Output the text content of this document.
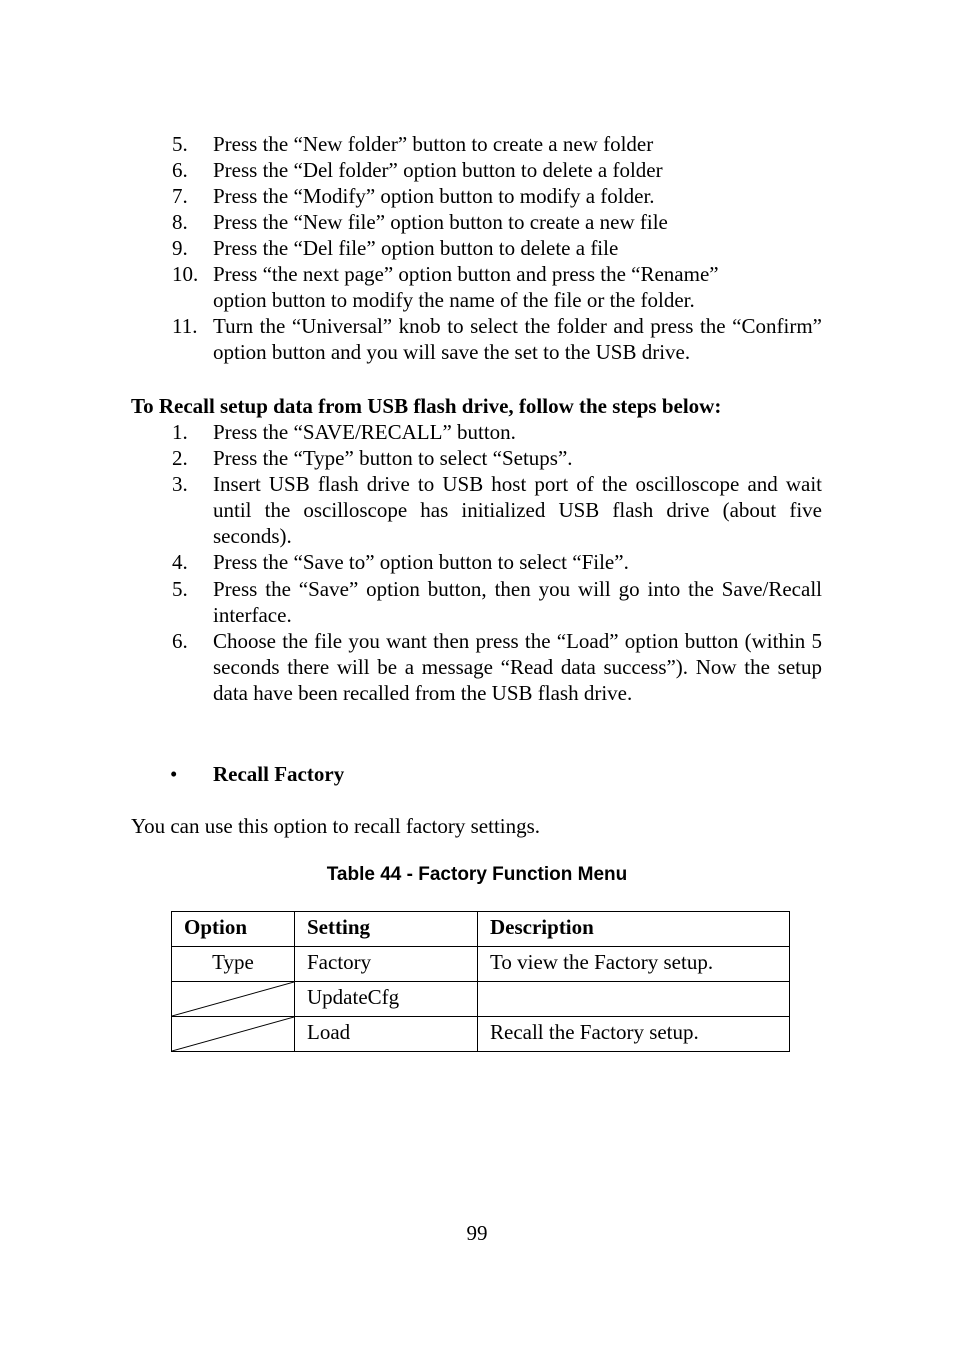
5.	Press the “New folder” button to create a new folder
6.	Press the “Del folder” option button to delete a folder
7.	Press the “Modify” option button to modify a folder.
8.	Press the “New file” option button to create a new file
9.	Press the “Del file” option button to delete a file
10. Press “the next page” option button and press the “Rename”
option button to modify the name of the file or the folder.
11. Turn the “Universal” knob to select the folder and press the “Confirm” option button and you will save the set to the USB drive.
To Recall setup data from USB flash drive, follow the steps below:
1.	Press the “SAVE/RECALL” button.
2.	Press the “Type” button to select “Setups”.
3.	Insert USB flash drive to USB host port of the oscilloscope and wait until the oscilloscope has initialized USB flash drive (about five seconds).
4.	Press the “Save to” option button to select “File”.
5.	Press the “Save” option button, then you will go into the Save/Recall interface.
6.	Choose the file you want then press the “Load” option button (within 5 seconds there will be a message “Read data success”). Now the setup data have been recalled from the USB flash drive.
• Recall Factory
You can use this option to recall factory settings.
Table 44 - Factory Function Menu
Option	Setting	Description
Type	Factory	To view the Factory setup.

	UpdateCfg	

	Load	Recall the Factory setup.
99
